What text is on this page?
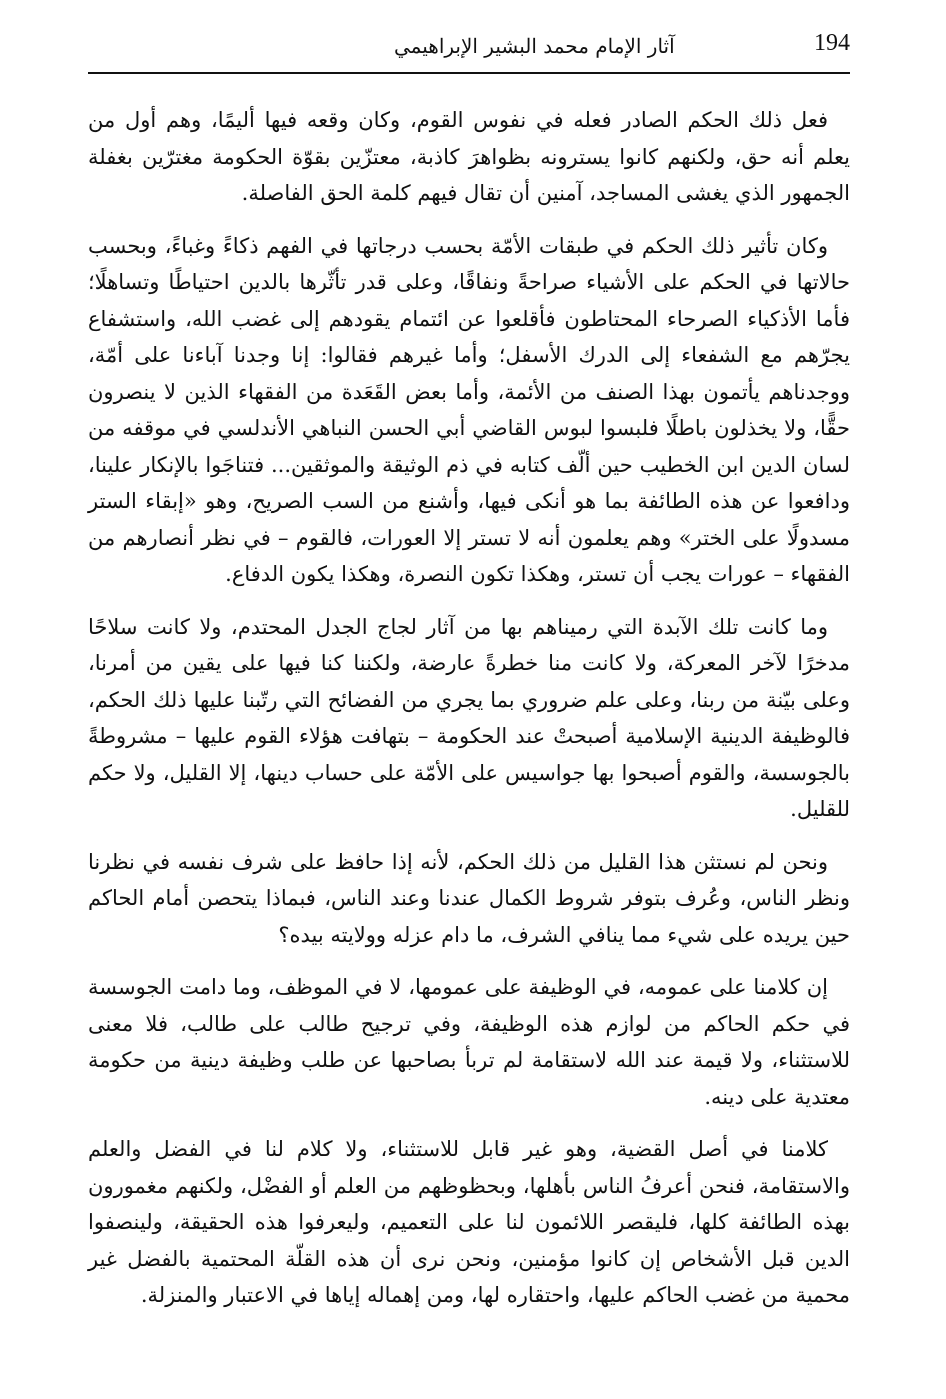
آثار الإمام محمد البشير الإبراهيمي	194

فعل ذلك الحكم الصادر فعله في نفوس القوم، وكان وقعه فيها أليمًا، وهم أول من يعلم أنه حق، ولكنهم كانوا يسترونه بظواهرَ كاذبة، معتزّين بقوّة الحكومة مغترّين بغفلة الجمهور الذي يغشى المساجد، آمنين أن تقال فيهم كلمة الحق الفاصلة.

وكان تأثير ذلك الحكم في طبقات الأمّة بحسب درجاتها في الفهم ذكاءً وغباءً، وبحسب حالاتها في الحكم على الأشياء صراحةً ونفاقًا، وعلى قدر تأثّرها بالدين احتياطًا وتساهلًا؛ فأما الأذكياء الصرحاء المحتاطون فأقلعوا عن ائتمام يقودهم إلى غضب الله، واستشفاع يجرّهم مع الشفعاء إلى الدرك الأسفل؛ وأما غيرهم فقالوا: إنا وجدنا آباءنا على أمّة، ووجدناهم يأتمون بهذا الصنف من الأئمة، وأما بعض القَعَدة من الفقهاء الذين لا ينصرون حقًّا، ولا يخذلون باطلًا فلبسوا لبوس القاضي أبي الحسن النباهي الأندلسي في موقفه من لسان الدين ابن الخطيب حين ألّف كتابه في ذم الوثيقة والموثقين... فتناجَوا بالإنكار علينا، ودافعوا عن هذه الطائفة بما هو أنكى فيها، وأشنع من السب الصريح، وهو «إبقاء الستر مسدولًا على الختر» وهم يعلمون أنه لا تستر إلا العورات، فالقوم – في نظر أنصارهم من الفقهاء – عورات يجب أن تستر، وهكذا تكون النصرة، وهكذا يكون الدفاع.

وما كانت تلك الآبدة التي رميناهم بها من آثار لجاج الجدل المحتدم، ولا كانت سلاحًا مدخرًا لآخر المعركة، ولا كانت منا خطرةً عارضة، ولكننا كنا فيها على يقين من أمرنا، وعلى بيّنة من ربنا، وعلى علم ضروري بما يجري من الفضائح التي رتّبنا عليها ذلك الحكم، فالوظيفة الدينية الإسلامية أصبحتْ عند الحكومة – بتهافت هؤلاء القوم عليها – مشروطةً بالجوسسة، والقوم أصبحوا بها جواسيس على الأمّة على حساب دينها، إلا القليل، ولا حكم للقليل.

ونحن لم نستثن هذا القليل من ذلك الحكم، لأنه إذا حافظ على شرف نفسه في نظرنا ونظر الناس، وعُرف بتوفر شروط الكمال عندنا وعند الناس، فبماذا يتحصن أمام الحاكم حين يريده على شيء مما ينافي الشرف، ما دام عزله وولايته بيده؟

إن كلامنا على عمومه، في الوظيفة على عمومها، لا في الموظف، وما دامت الجوسسة في حكم الحاكم من لوازم هذه الوظيفة، وفي ترجيح طالب على طالب، فلا معنى للاستثناء، ولا قيمة عند الله لاستقامة لم تربأ بصاحبها عن طلب وظيفة دينية من حكومة معتدية على دينه.

كلامنا في أصل القضية، وهو غير قابل للاستثناء، ولا كلام لنا في الفضل والعلم والاستقامة، فنحن أعرفُ الناس بأهلها، وبحظوظهم من العلم أو الفضْل، ولكنهم مغمورون بهذه الطائفة كلها، فليقصر اللائمون لنا على التعميم، وليعرفوا هذه الحقيقة، ولينصفوا الدين قبل الأشخاص إن كانوا مؤمنين، ونحن نرى أن هذه القلّة المحتمية بالفضل غير محمية من غضب الحاكم عليها، واحتقاره لها، ومن إهماله إياها في الاعتبار والمنزلة.
